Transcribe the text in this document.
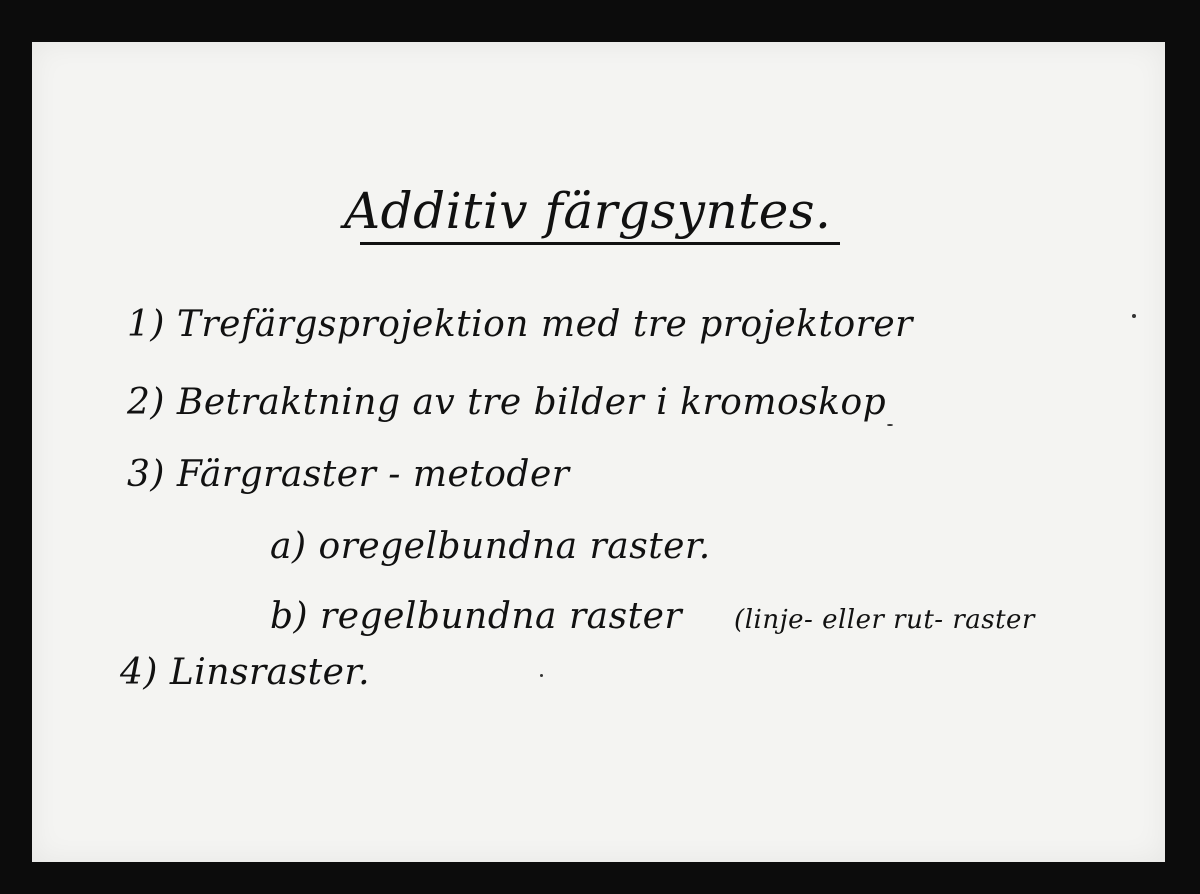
Additiv färgsyntes.
1) Trefärgsprojektion med tre projektorer
2) Betraktning av tre bilder i kromoskop
3) Färgraster - metoder
a) oregelbundna raster.
b) regelbundna raster (linje- eller rut- raster
4) Linsraster.
